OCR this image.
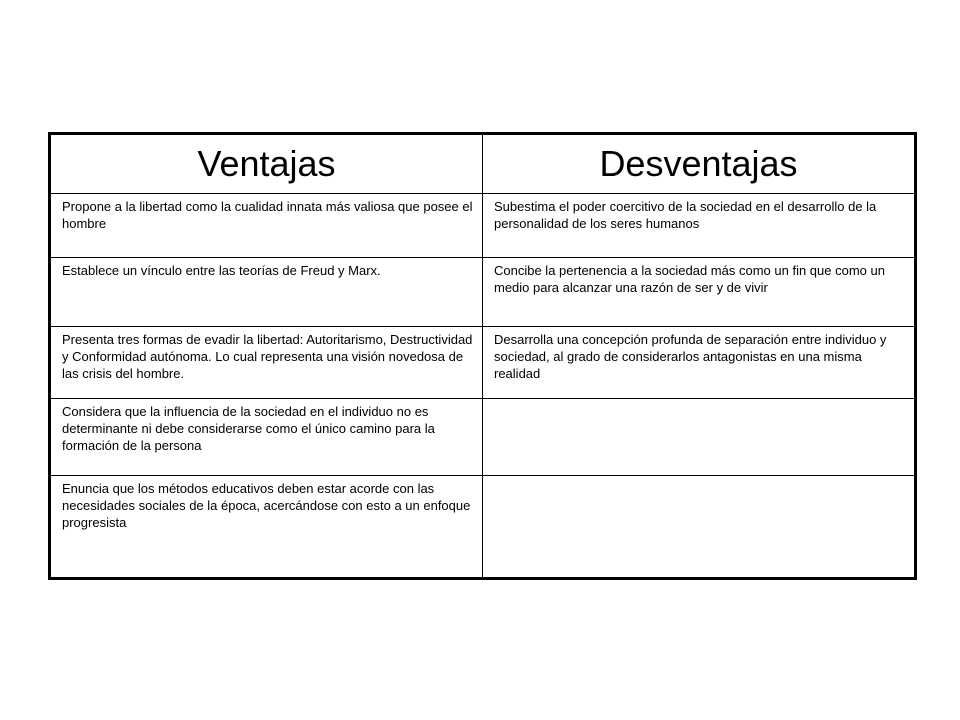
Ventajas	Desventajas
Propone a la libertad como la cualidad innata más valiosa que posee el hombre	Subestima el poder coercitivo de la sociedad en el desarrollo de la personalidad de los seres humanos
Establece un vínculo entre las teorías de Freud y Marx.	Concibe la pertenencia a la sociedad más como un fin que como un medio para alcanzar una razón de ser y de vivir
Presenta tres formas de evadir la libertad: Autoritarismo, Destructividad y Conformidad autónoma. Lo cual representa una visión novedosa de las crisis del hombre.	Desarrolla una concepción profunda de separación entre individuo y sociedad, al grado de considerarlos antagonistas en una misma realidad
Considera que la influencia de la sociedad en el individuo no es determinante ni debe considerarse como el único camino para la formación de la persona	
Enuncia que los métodos educativos deben estar acorde con las necesidades sociales de la época, acercándose con esto a un enfoque progresista	
